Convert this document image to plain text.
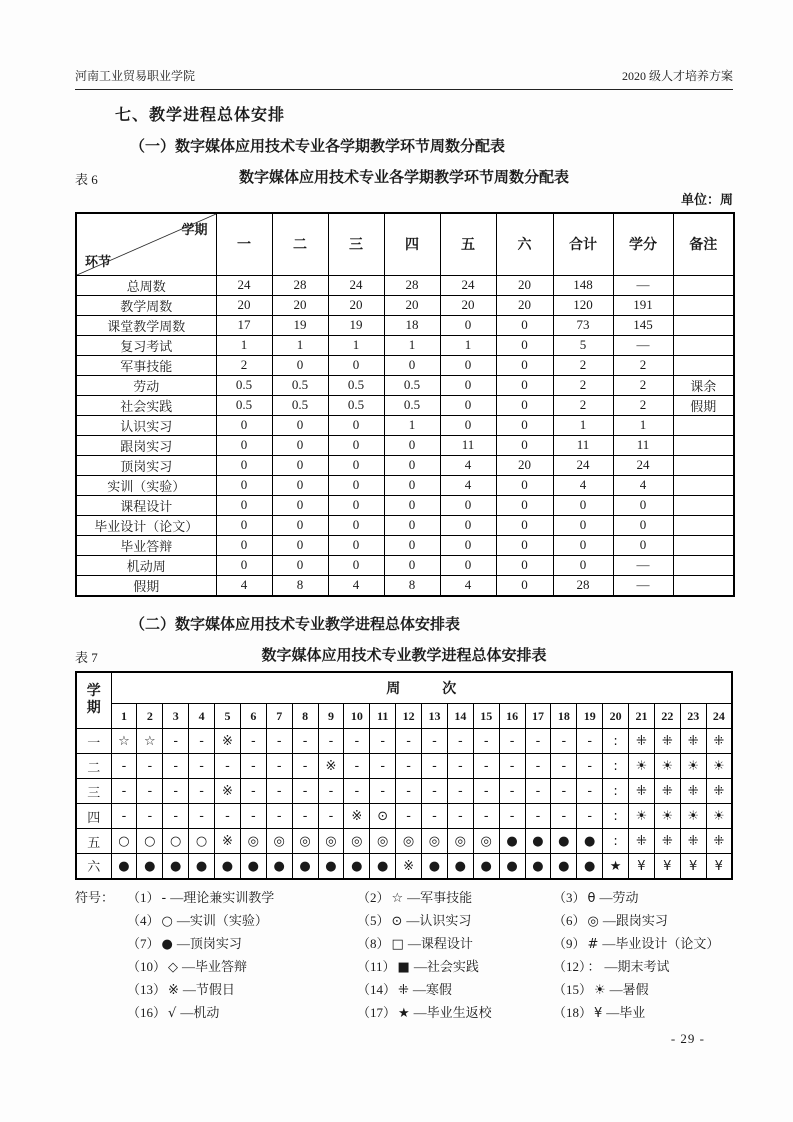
河南工业贸易职业学院	2020 级人才培养方案
七、教学进程总体安排
（一）数字媒体应用技术专业各学期教学环节周数分配表
表 6	数字媒体应用技术专业各学期教学环节周数分配表
单位：周
学期
环节	一	二	三	四	五	六	合计	学分	备注
总周数	24	28	24	28	24	20	148	—	
教学周数	20	20	20	20	20	20	120	191	
课堂教学周数	17	19	19	18	0	0	73	145	
复习考试	1	1	1	1	1	0	5	—	
军事技能	2	0	0	0	0	0	2	2	
劳动	0.5	0.5	0.5	0.5	0	0	2	2	课余
社会实践	0.5	0.5	0.5	0.5	0	0	2	2	假期
认识实习	0	0	0	1	0	0	1	1	
跟岗实习	0	0	0	0	11	0	11	11	
顶岗实习	0	0	0	0	4	20	24	24	
实训（实验）	0	0	0	0	4	0	4	4	
课程设计	0	0	0	0	0	0	0	0	
毕业设计（论文）	0	0	0	0	0	0	0	0	
毕业答辩	0	0	0	0	0	0	0	0	
机动周	0	0	0	0	0	0	0	—	
假期	4	8	4	8	4	0	28	—	
（二）数字媒体应用技术专业教学进程总体安排表
表 7	数字媒体应用技术专业教学进程总体安排表
学
期	周 次																							
	1	2	3	4	5	6	7	8	9	10	11	12	13	14	15	16	17	18	19	20	21	22	23	24
一	☆	☆	-	-	※	-	-	-	-	-	-	-	-	-	-	-	-	-	-	:	⁜	⁜	⁜	⁜
二	-	-	-	-	-	-	-	-	※	-	-	-	-	-	-	-	-	-	-	:	☀	☀	☀	☀
三	-	-	-	-	※	-	-	-	-	-	-	-	-	-	-	-	-	-	-	:	⁜	⁜	⁜	⁜
四	-	-	-	-	-	-	-	-	-	※	⊙	-	-	-	-	-	-	-	-	:	☀	☀	☀	☀
五	○	○	○	○	※	◎	◎	◎	◎	◎	◎	◎	◎	◎	◎	●	●	●	●	:	⁜	⁜	⁜	⁜
六	●	●	●	●	●	●	●	●	●	●	●	※	●	●	●	●	●	●	●	★	¥	¥	¥	¥
符号： （1） - —理论兼实训教学	（2） ☆ —军事技能	（3） θ —劳动
（4） ○ —实训（实验）	（5） ⊙ —认识实习	（6） ◎ —跟岗实习
（7） ● —顶岗实习	（8） □ —课程设计	（9） # —毕业设计（论文）
（10） ◇ —毕业答辩	（11） ■ —社会实践	（12） ： —期末考试
（13） ※ —节假日	（14） ⁜ —寒假	（15） ☀ —暑假
（16） √ —机动	（17） ★ —毕业生返校	（18） ¥ —毕业
- 29 -
